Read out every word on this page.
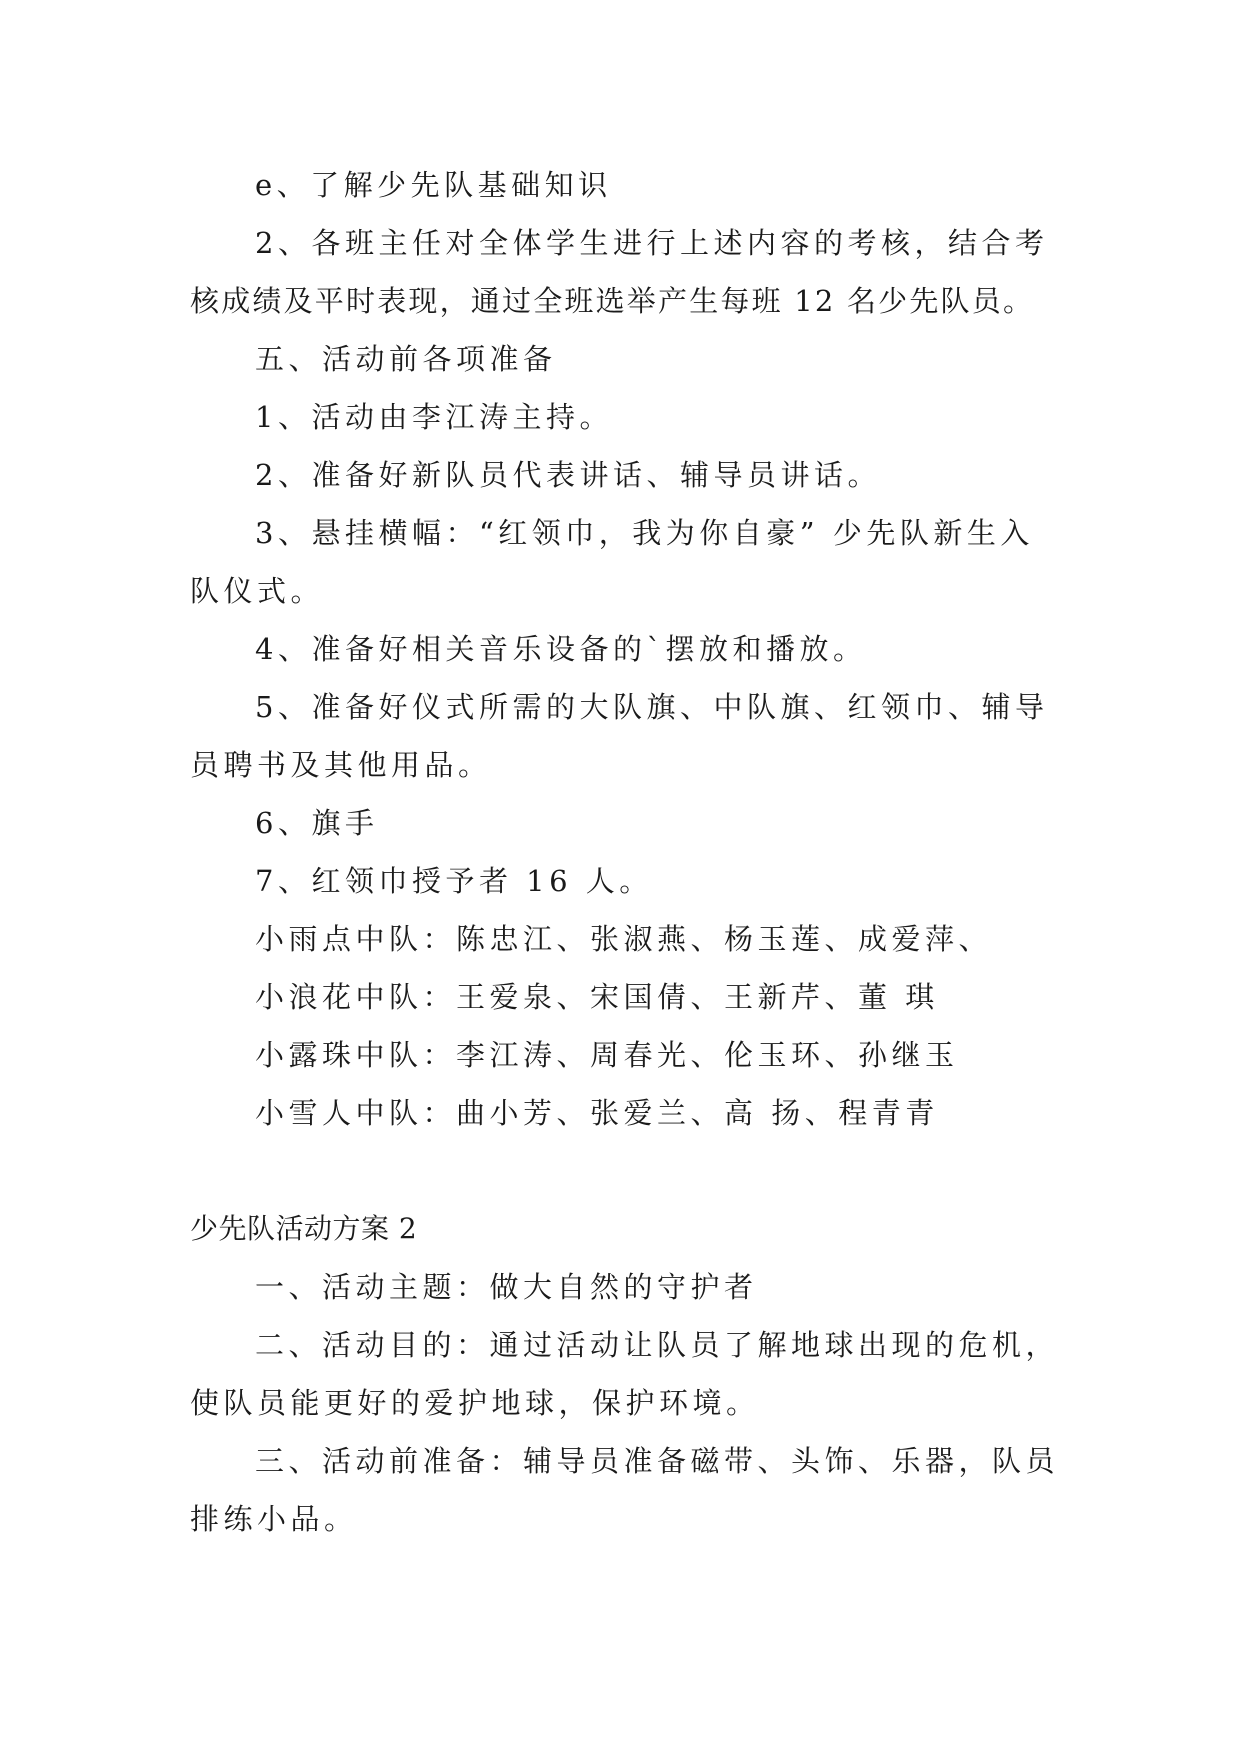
e、了解少先队基础知识

2、各班主任对全体学生进行上述内容的考核，结合考

核成绩及平时表现，通过全班选举产生每班 12 名少先队员。

五、活动前各项准备

1、活动由李江涛主持。

2、准备好新队员代表讲话、辅导员讲话。

3、悬挂横幅：“红领巾，我为你自豪” 少先队新生入

队仪式。

4、准备好相关音乐设备的`摆放和播放。

5、准备好仪式所需的大队旗、中队旗、红领巾、辅导

员聘书及其他用品。

6、旗手

7、红领巾授予者 16 人。

小雨点中队：陈忠江、张淑燕、杨玉莲、成爱萍、

小浪花中队：王爱泉、宋国倩、王新芹、董 琪

小露珠中队：李江涛、周春光、伦玉环、孙继玉

小雪人中队：曲小芳、张爱兰、高 扬、程青青

少先队活动方案 2

一、活动主题：做大自然的守护者

二、活动目的：通过活动让队员了解地球出现的危机，

使队员能更好的爱护地球，保护环境。

三、活动前准备：辅导员准备磁带、头饰、乐器，队员

排练小品。
